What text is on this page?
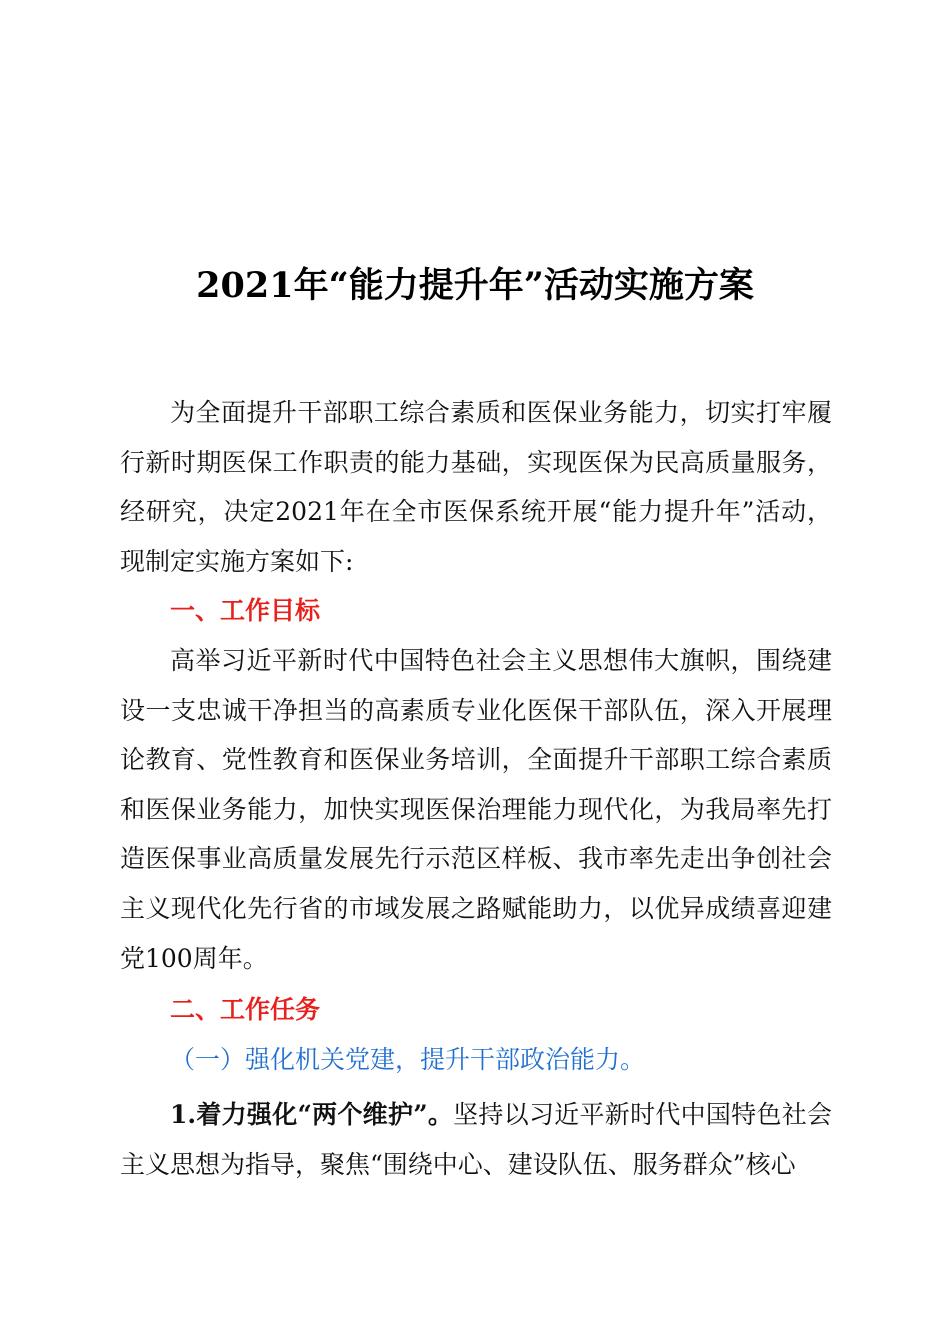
2021年“能力提升年”活动实施方案

为全面提升干部职工综合素质和医保业务能力，切实打牢履行新时期医保工作职责的能力基础，实现医保为民高质量服务，经研究，决定2021年在全市医保系统开展“能力提升年”活动，现制定实施方案如下:

一、工作目标

高举习近平新时代中国特色社会主义思想伟大旗帜，围绕建设一支忠诚干净担当的高素质专业化医保干部队伍，深入开展理论教育、党性教育和医保业务培训，全面提升干部职工综合素质和医保业务能力，加快实现医保治理能力现代化，为我局率先打造医保事业高质量发展先行示范区样板、我市率先走出争创社会主义现代化先行省的市域发展之路赋能助力，以优异成绩喜迎建党100周年。

二、工作任务

（一）强化机关党建，提升干部政治能力。

1.着力强化“两个维护”。坚持以习近平新时代中国特色社会主义思想为指导，聚焦“围绕中心、建设队伍、服务群众”核心
